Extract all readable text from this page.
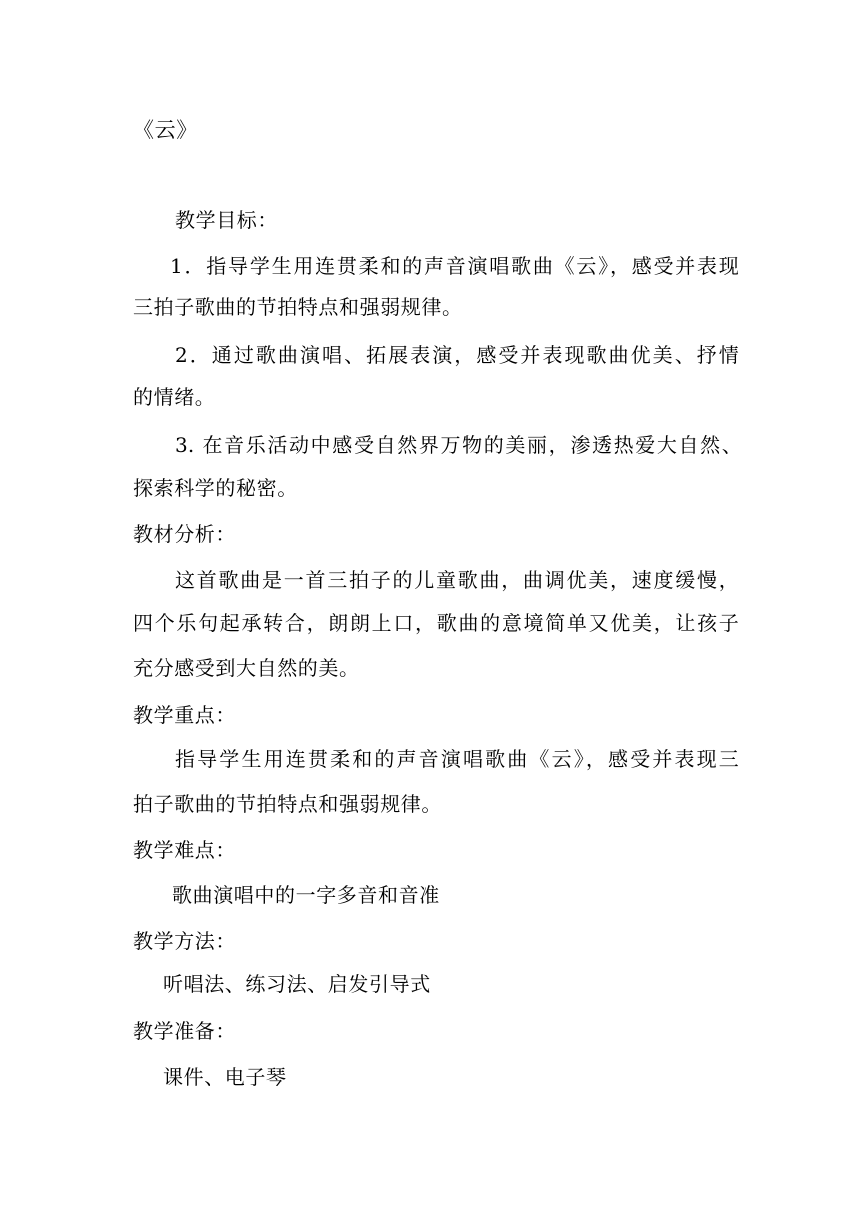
《云》
教学目标：
1．指导学生用连贯柔和的声音演唱歌曲《云》，感受并表现
三拍子歌曲的节拍特点和强弱规律。
2．通过歌曲演唱、拓展表演，感受并表现歌曲优美、抒情
的情绪。
3. 在音乐活动中感受自然界万物的美丽，渗透热爱大自然、
探索科学的秘密。
教材分析：
这首歌曲是一首三拍子的儿童歌曲，曲调优美，速度缓慢，
四个乐句起承转合，朗朗上口，歌曲的意境简单又优美，让孩子
充分感受到大自然的美。
教学重点：
指导学生用连贯柔和的声音演唱歌曲《云》，感受并表现三
拍子歌曲的节拍特点和强弱规律。
教学难点：
歌曲演唱中的一字多音和音准
教学方法：
听唱法、练习法、启发引导式
教学准备：
课件、电子琴
